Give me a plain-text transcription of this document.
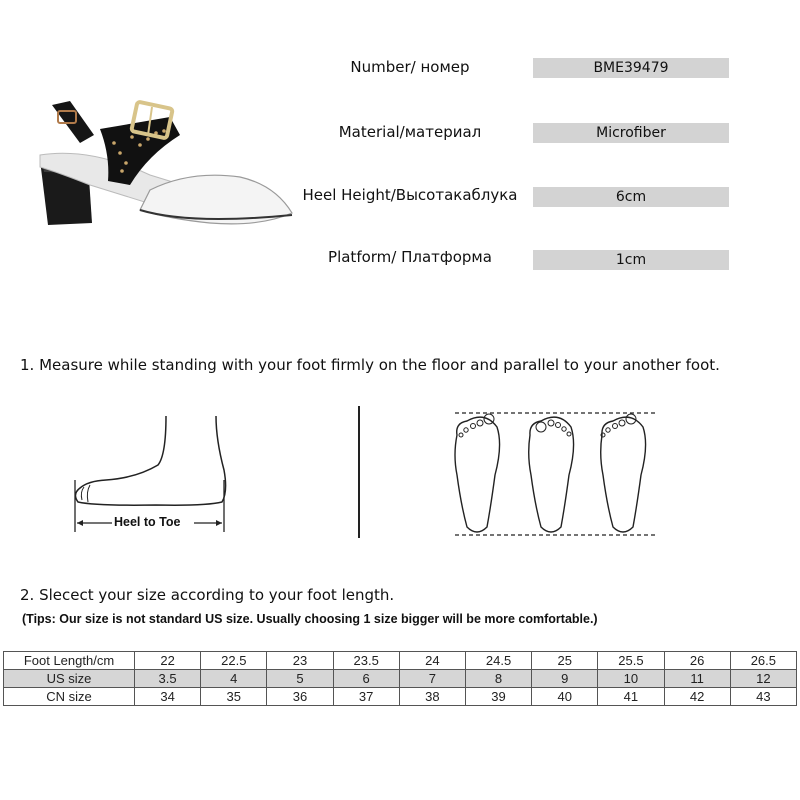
Number/ номер	BME39479
Material/материал	Microfiber
Heel Height/Высотакаблука	6cm
Platform/ Платформа	1cm
1. Measure while standing with your foot firmly on the floor and parallel to your another foot.
Heel to Toe
2. Slecect your size according to your foot length.
(Tips: Our size is not standard US size. Usually choosing 1 size bigger will be more comfortable.)
Foot Length/cm	22	22.5	23	23.5	24	24.5	25	25.5	26	26.5
US size	3.5	4	5	6	7	8	9	10	11	12
CN size	34	35	36	37	38	39	40	41	42	43
